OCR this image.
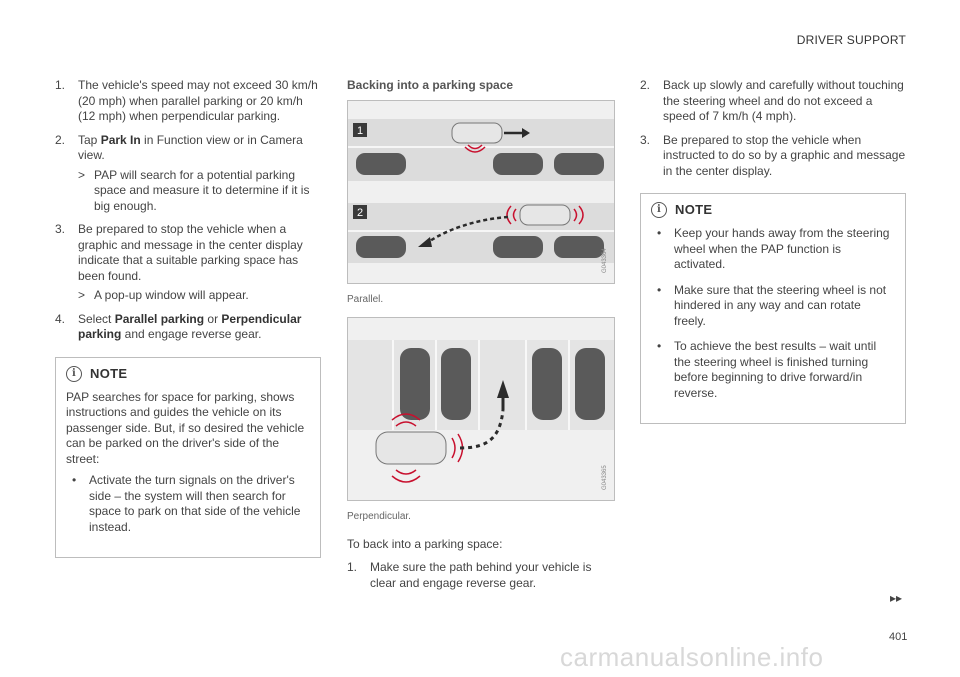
DRIVER SUPPORT
1. The vehicle's speed may not exceed 30 km/h (20 mph) when parallel parking or 20 km/h (12 mph) when perpendicular parking.
2. Tap Park In in Function view or in Camera view.
> PAP will search for a potential parking space and measure it to determine if it is big enough.
3. Be prepared to stop the vehicle when a graphic and message in the center display indicate that a suitable parking space has been found.
> A pop-up window will appear.
4. Select Parallel parking or Perpendicular parking and engage reverse gear.
i	NOTE
PAP searches for space for parking, shows instructions and guides the vehicle on its passenger side. But, if so desired the vehicle can be parked on the driver's side of the street:
• Activate the turn signals on the driver's side – the system will then search for space to park on that side of the vehicle instead.
Backing into a parking space
1
2
G043364
Parallel.
G043365
Perpendicular.
To back into a parking space:
1. Make sure the path behind your vehicle is clear and engage reverse gear.
2. Back up slowly and carefully without touching the steering wheel and do not exceed a speed of 7 km/h (4 mph).
3. Be prepared to stop the vehicle when instructed to do so by a graphic and message in the center display.
i	NOTE
• Keep your hands away from the steering wheel when the PAP function is activated.
• Make sure that the steering wheel is not hindered in any way and can rotate freely.
• To achieve the best results – wait until the steering wheel is finished turning before beginning to drive forward/in reverse.
▸▸
401
carmanualsonline.info
